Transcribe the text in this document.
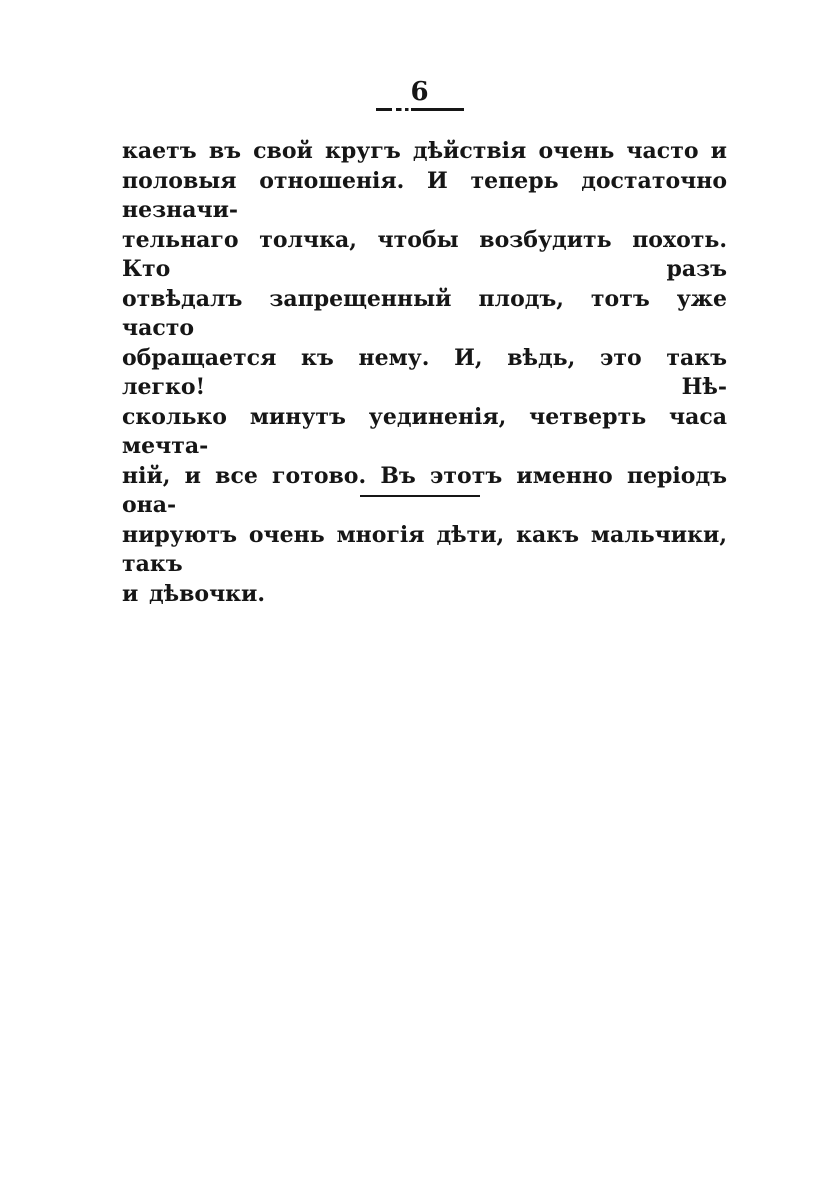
6
каетъ въ свой кругъ дѣйствія очень часто и
половыя отношенія. И теперь достаточно незначи-
тельнаго толчка, чтобы возбудить похоть. Кто разъ
отвѣдалъ запрещенный плодъ, тотъ уже часто
обращается къ нему. И, вѣдь, это такъ легко! Нѣ-
сколько минутъ уединенія, четверть часа мечта-
ній, и все готово. Въ этотъ именно періодъ она-
нируютъ очень многія дѣти, какъ мальчики, такъ
и дѣвочки.
